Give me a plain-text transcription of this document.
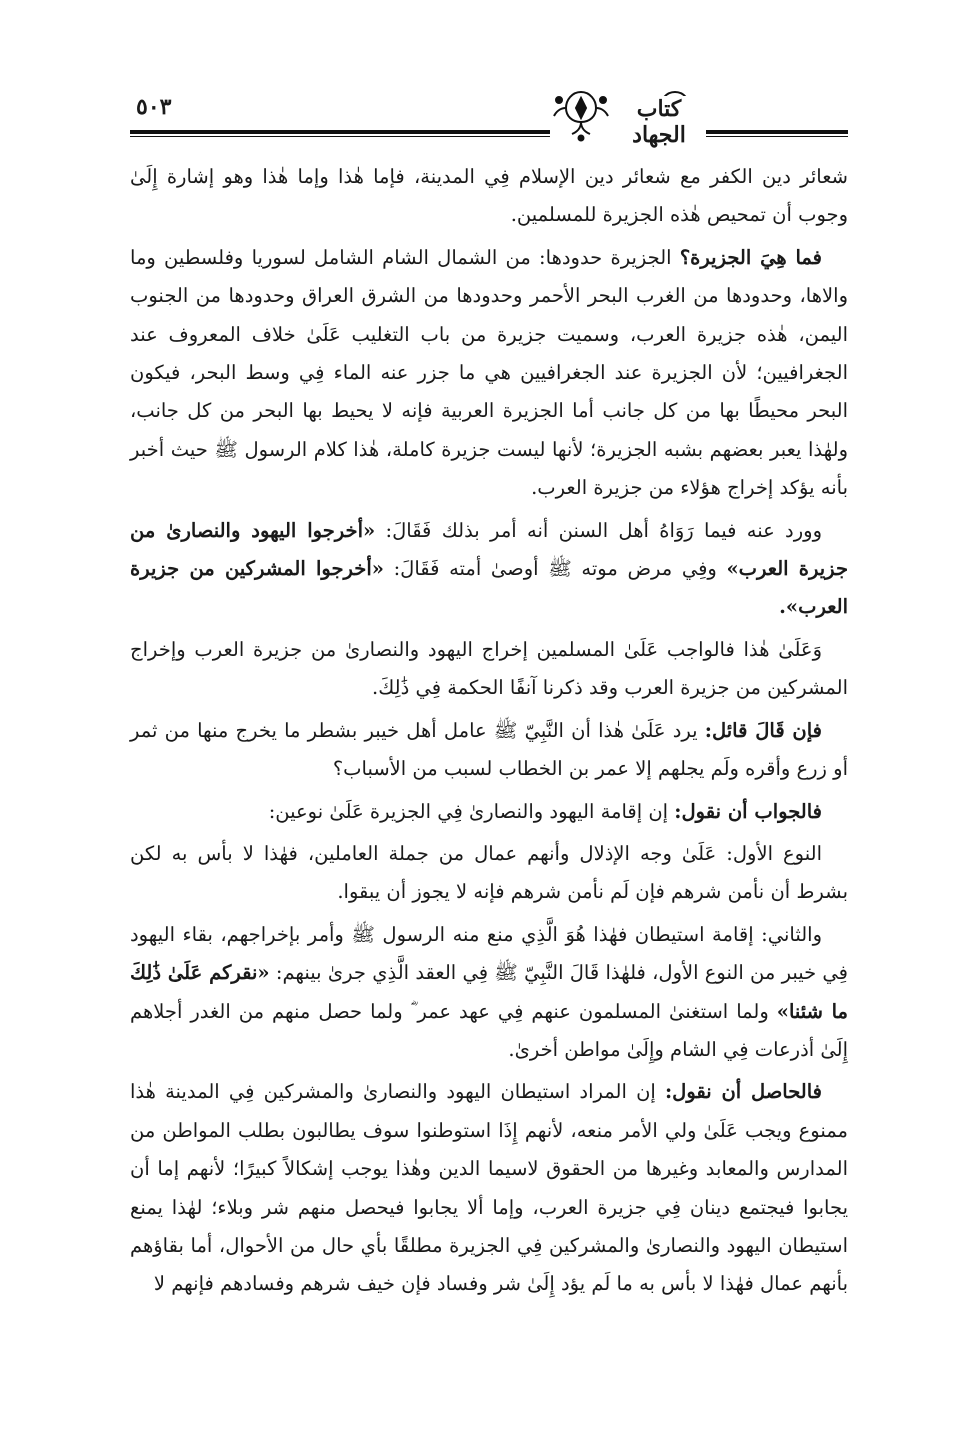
كتاب الجهاد
٥٠٣

شعائر دين الكفر مع شعائر دين الإسلام فِي المدينة، فإما هٰذا وإما هٰذا وهو إشارة إِلَىٰ وجوب أن تمحيص هٰذه الجزيرة للمسلمين.

فما هِيَ الجزيرة؟ الجزيرة حدودها: من الشمال الشام الشامل لسوريا وفلسطين وما والاها، وحدودها من الغرب البحر الأحمر وحدودها من الشرق العراق وحدودها من الجنوب اليمن، هٰذه جزيرة العرب، وسميت جزيرة من باب التغليب عَلَىٰ خلاف المعروف عند الجغرافيين؛ لأن الجزيرة عند الجغرافيين هي ما جزر عنه الماء فِي وسط البحر، فيكون البحر محيطًا بها من كل جانب أما الجزيرة العربية فإنه لا يحيط بها البحر من كل جانب، ولهٰذا يعبر بعضهم بشبه الجزيرة؛ لأنها ليست جزيرة كاملة، هٰذا كلام الرسول ﷺ حيث أخبر بأنه يؤكد إخراج هؤلاء من جزيرة العرب.

وورد عنه فيما رَوَاهُ أهل السنن أنه أمر بذلك فَقَالَ: «أخرجوا اليهود والنصارىٰ من جزيرة العرب» وفِي مرض موته ﷺ أوصىٰ أمته فَقَالَ: «أخرجوا المشركين من جزيرة العرب».

وَعَلَىٰ هٰذا فالواجب عَلَىٰ المسلمين إخراج اليهود والنصارىٰ من جزيرة العرب وإخراج المشركين من جزيرة العرب وقد ذكرنا آنفًا الحكمة فِي ذَٰلِكَ.

فإن قَالَ قائل: يرد عَلَىٰ هٰذا أن النَّبِيّ ﷺ عامل أهل خيبر بشطر ما يخرج منها من ثمر أو زرع وأقره ولَم يجلهم إلا عمر بن الخطاب لسبب من الأسباب؟

فالجواب أن نقول: إن إقامة اليهود والنصارىٰ فِي الجزيرة عَلَىٰ نوعين:

النوع الأول: عَلَىٰ وجه الإذلال وأنهم عمال من جملة العاملين، فهٰذا لا بأس به لكن بشرط أن نأمن شرهم فإن لَم نأمن شرهم فإنه لا يجوز أن يبقوا.

والثاني: إقامة استيطان فهٰذا هُوَ الَّذِي منع منه الرسول ﷺ وأمر بإخراجهم، بقاء اليهود فِي خيبر من النوع الأول، فلهٰذا قَالَ النَّبِيّ ﷺ فِي العقد الَّذِي جرىٰ بينهم: «نقركم عَلَىٰ ذَٰلِكَ ما شئنا» ولما استغنىٰ المسلمون عنهم فِي عهد عمر ؓ ولما حصل منهم من الغدر أجلاهم إِلَىٰ أذرعات فِي الشام وإِلَىٰ مواطن أخرىٰ.

فالحاصل أن نقول: إن المراد استيطان اليهود والنصارىٰ والمشركين فِي المدينة هٰذا ممنوع ويجب عَلَىٰ ولي الأمر منعه، لأنهم إِذَا استوطنوا سوف يطالبون بطلب المواطن من المدارس والمعابد وغيرها من الحقوق لاسيما الدين وهٰذا يوجب إشكالاً كبيرًا؛ لأنهم إما أن يجابوا فيجتمع دينان فِي جزيرة العرب، وإما ألا يجابوا فيحصل منهم شر وبلاء؛ لهٰذا يمنع استيطان اليهود والنصارىٰ والمشركين فِي الجزيرة مطلقًا بأي حال من الأحوال، أما بقاؤهم بأنهم عمال فهٰذا لا بأس به ما لَم يؤد إِلَىٰ شر وفساد فإن خيف شرهم وفسادهم فإنهم لا
